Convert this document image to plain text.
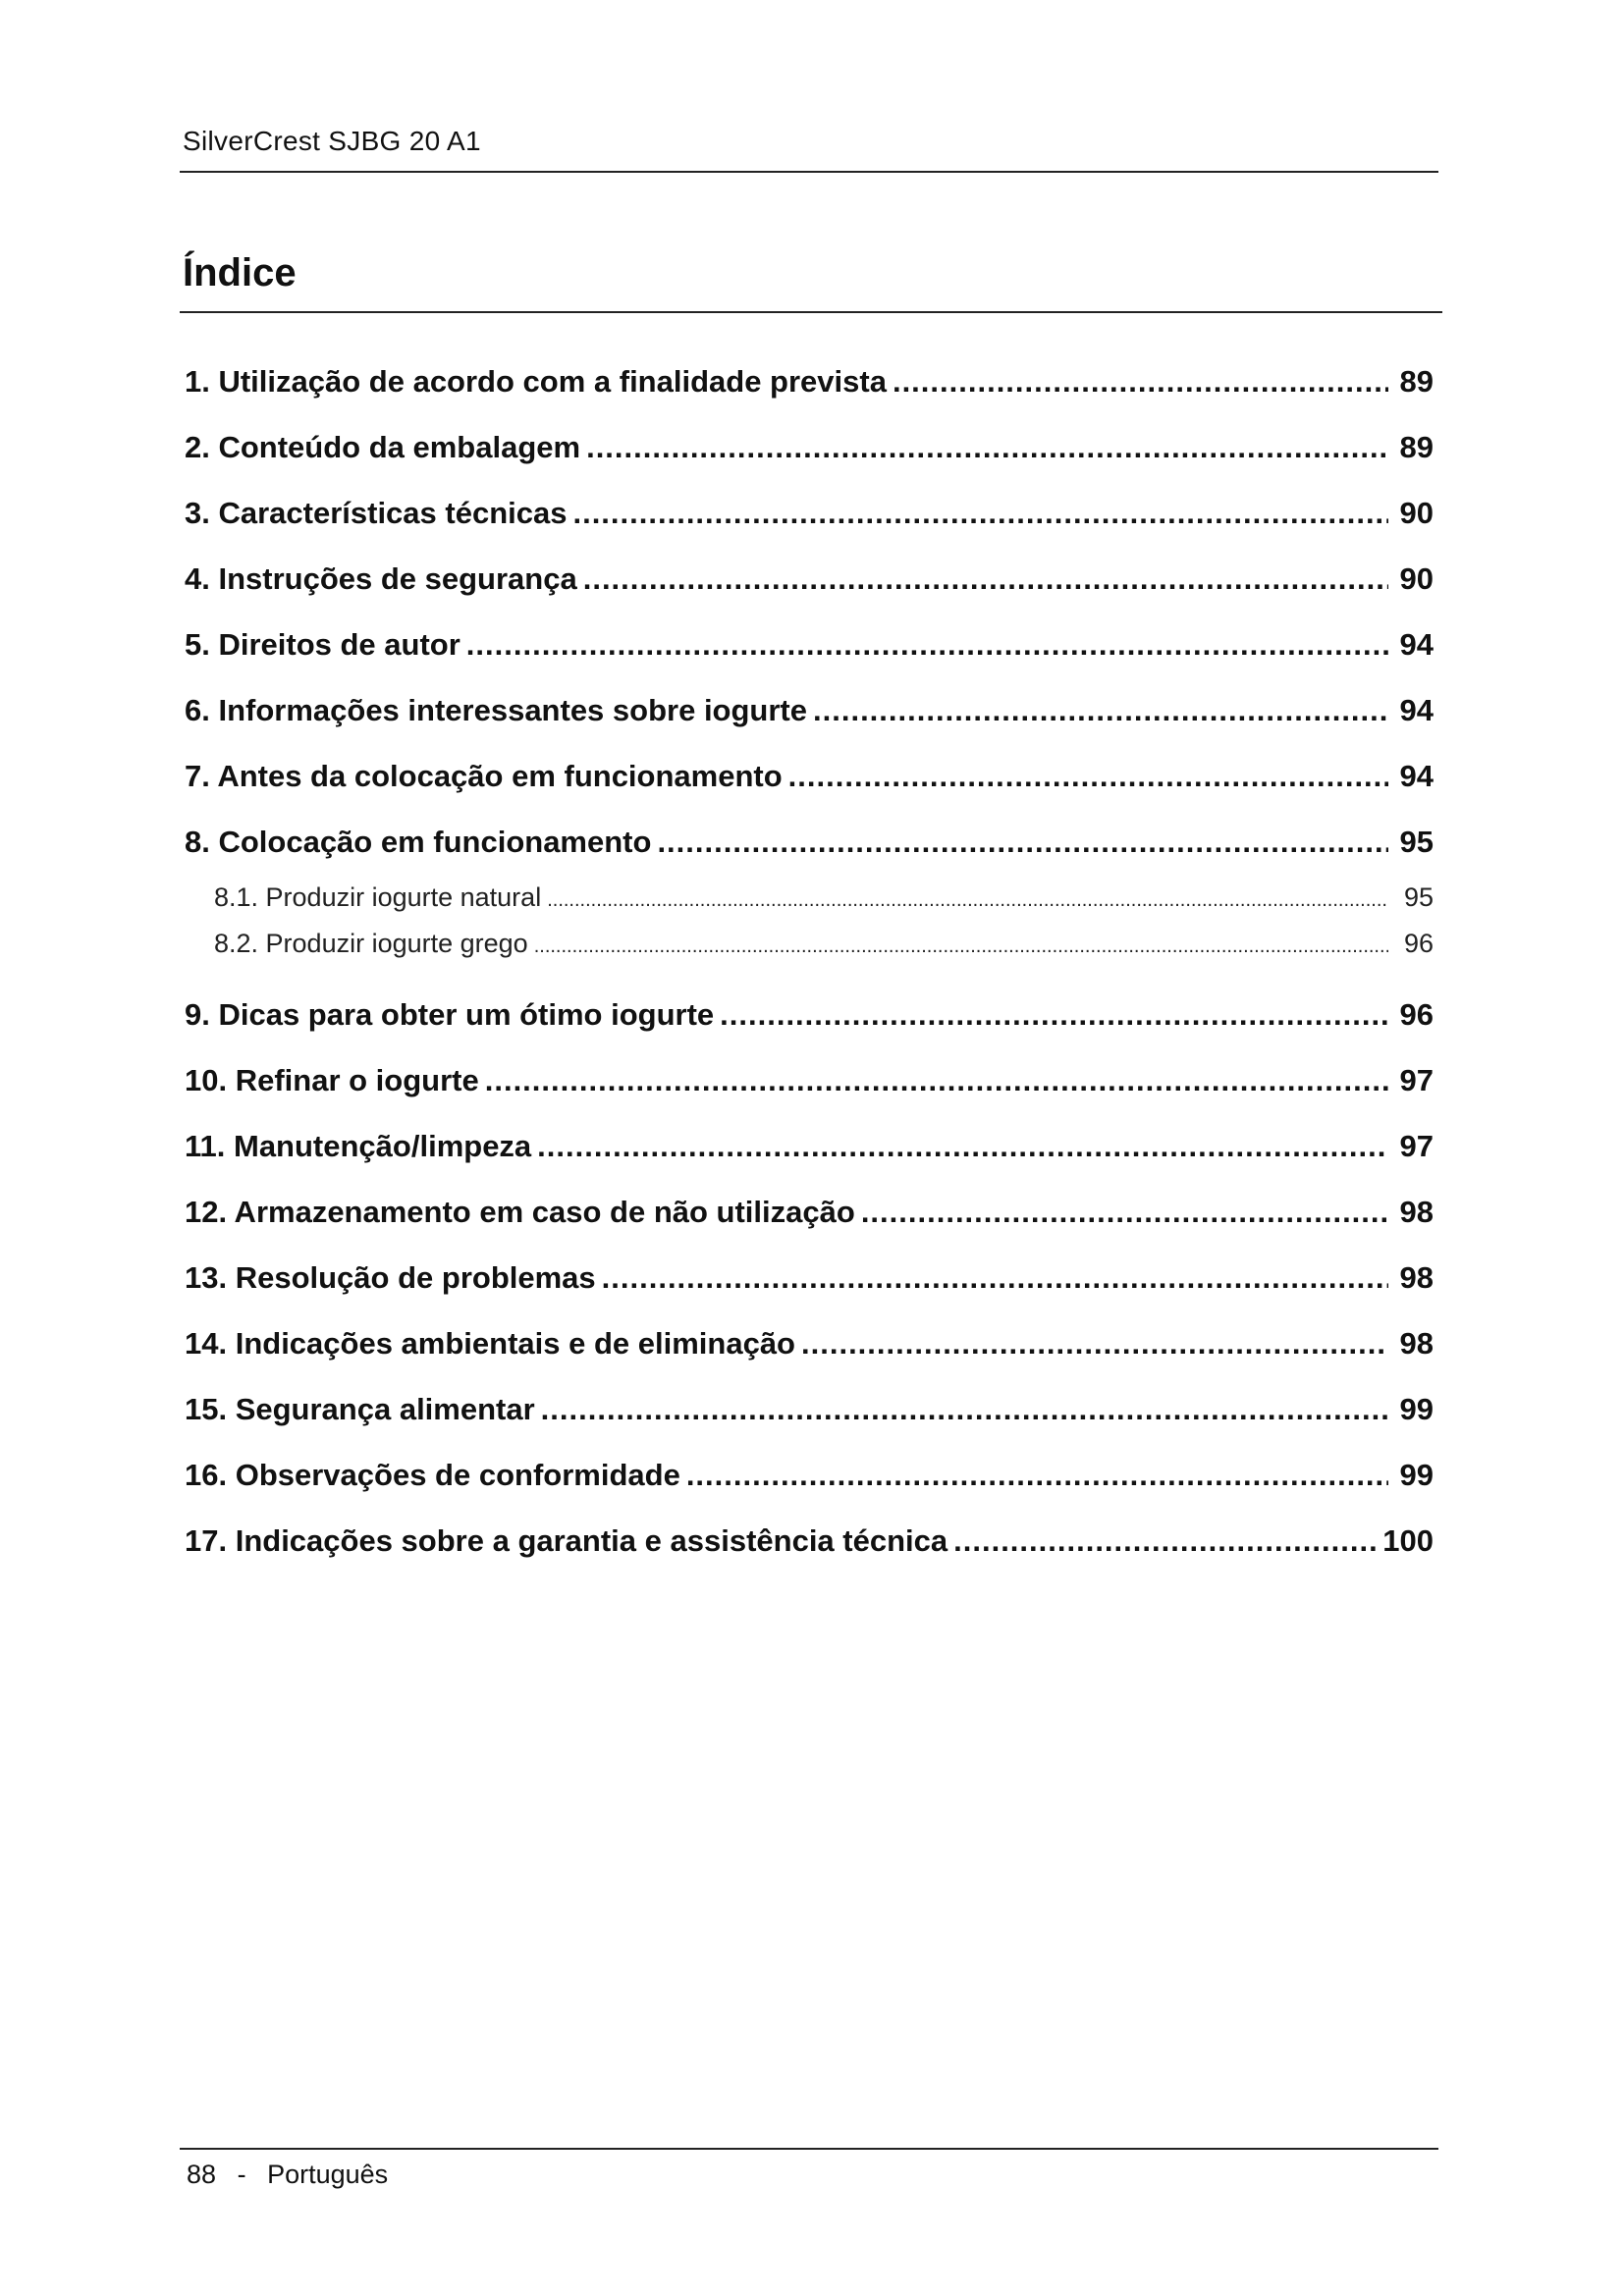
SilverCrest SJBG 20 A1
Índice
1. Utilização de acordo com a finalidade prevista .....	89
2. Conteúdo da embalagem .....	89
3. Características técnicas .....	90
4. Instruções de segurança .....	90
5. Direitos de autor .....	94
6. Informações interessantes sobre iogurte .....	94
7. Antes da colocação em funcionamento .....	94
8. Colocação em funcionamento .....	95
8.1. Produzir iogurte natural .....	95
8.2. Produzir iogurte grego .....	96
9. Dicas para obter um ótimo iogurte .....	96
10. Refinar o iogurte .....	97
11. Manutenção/limpeza .....	97
12. Armazenamento em caso de não utilização .....	98
13. Resolução de problemas .....	98
14. Indicações ambientais e de eliminação .....	98
15. Segurança alimentar .....	99
16. Observações de conformidade .....	99
17. Indicações sobre a garantia e assistência técnica .....	100
88 - Português
